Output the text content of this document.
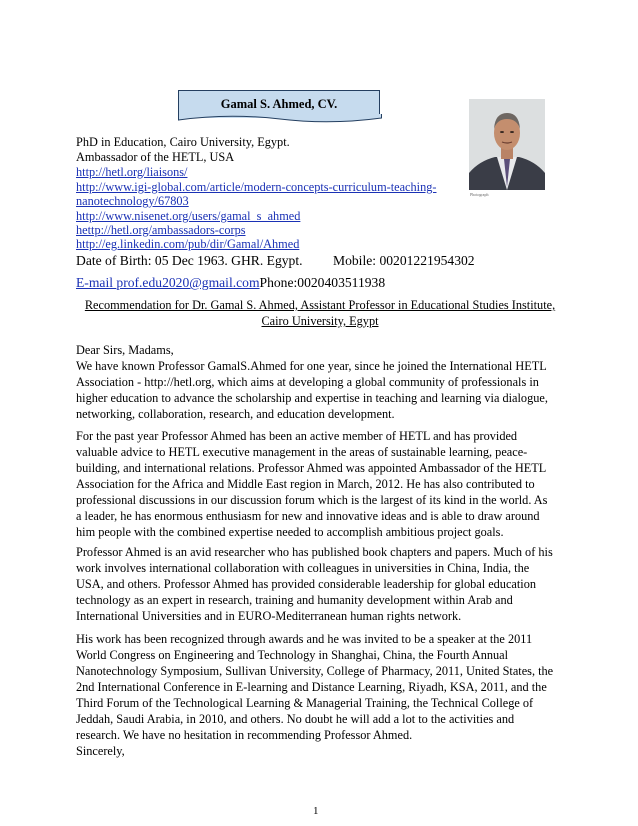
Gamal S. Ahmed, CV.
PhD in Education, Cairo University, Egypt.
Ambassador of the HETL, USA
http://hetl.org/liaisons/
http://www.igi-global.com/article/modern-concepts-curriculum-teaching-
nanotechnology/67803
http://www.nisenet.org/users/gamal_s_ahmed
hettp://hetl.org/ambassadors-corps
http://eg.linkedin.com/pub/dir/Gamal/Ahmed
Photograph
Date of Birth: 05 Dec 1963. GHR. Egypt. Mobile: 00201221954302
E-mail prof.edu2020@gmail.comPhone:0020403511938
Recommendation for Dr. Gamal S. Ahmed, Assistant Professor in Educational Studies Institute,
Cairo University, Egypt
Dear Sirs, Madams,
We have known Professor GamalS.Ahmed for one year, since he joined the International HETL
Association - http://hetl.org, which aims at developing a global community of professionals in
higher education to advance the scholarship and expertise in teaching and learning via dialogue,
networking, collaboration, research, and education development.
For the past year Professor Ahmed has been an active member of HETL and has provided
valuable advice to HETL executive management in the areas of sustainable learning, peace-
building, and international relations. Professor Ahmed was appointed Ambassador of the HETL
Association for the Africa and Middle East region in March, 2012. He has also contributed to
professional discussions in our discussion forum which is the largest of its kind in the world. As
a leader, he has enormous enthusiasm for new and innovative ideas and is able to draw around
him people with the combined expertise needed to accomplish ambitious project goals.
Professor Ahmed is an avid researcher who has published book chapters and papers. Much of his
work involves international collaboration with colleagues in universities in China, India, the
USA, and others. Professor Ahmed has provided considerable leadership for global education
technology as an expert in research, training and humanity development within Arab and
International Universities and in EURO-Mediterranean human rights network.
His work has been recognized through awards and he was invited to be a speaker at the 2011
World Congress on Engineering and Technology in Shanghai, China, the Fourth Annual
Nanotechnology Symposium, Sullivan University, College of Pharmacy, 2011, United States, the
2nd International Conference in E-learning and Distance Learning, Riyadh, KSA, 2011, and the
Third Forum of the Technological Learning & Managerial Training, the Technical College of
Jeddah, Saudi Arabia, in 2010, and others. No doubt he will add a lot to the activities and
research. We have no hesitation in recommending Professor Ahmed.
Sincerely,
1
